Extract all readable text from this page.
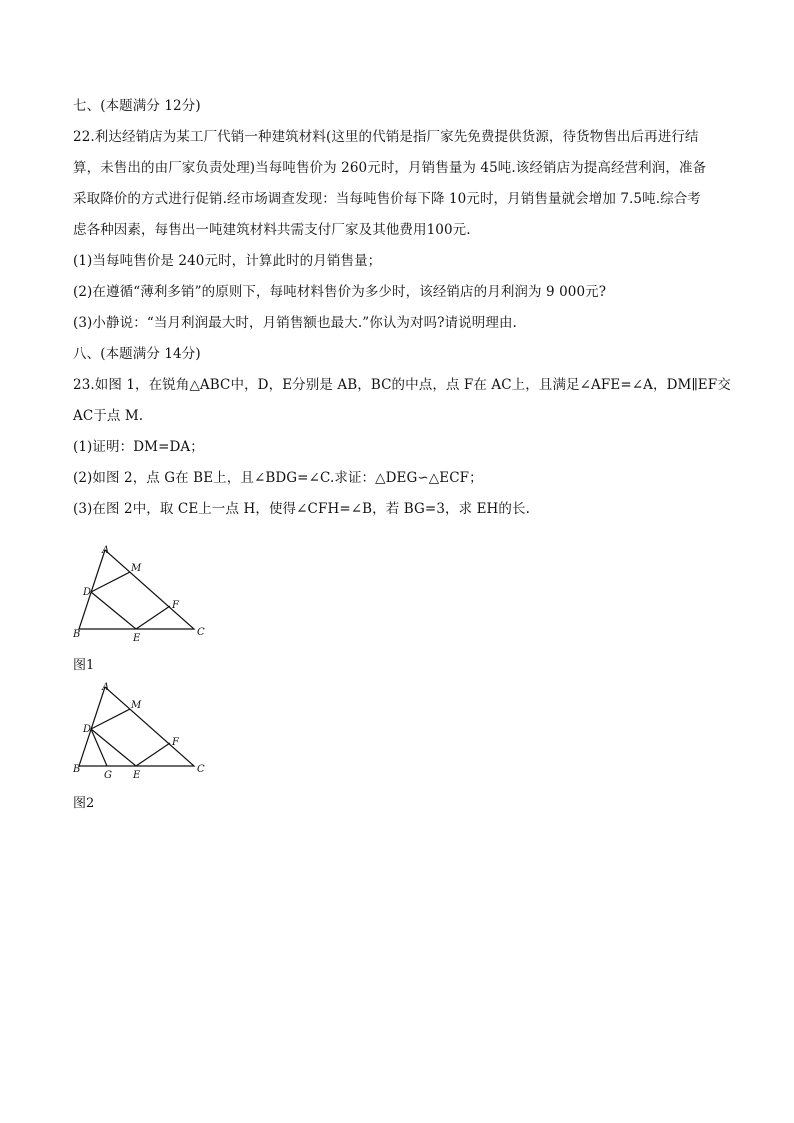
七、(本题满分 12分)
22.利达经销店为某工厂代销一种建筑材料(这里的代销是指厂家先免费提供货源，待货物售出后再进行结
算，未售出的由厂家负责处理)当每吨售价为 260元时，月销售量为 45吨.该经销店为提高经营利润，准备
采取降价的方式进行促销.经市场调查发现：当每吨售价每下降 10元时，月销售量就会增加 7.5吨.综合考
虑各种因素，每售出一吨建筑材料共需支付厂家及其他费用100元.
(1)当每吨售价是 240元时，计算此时的月销售量；
(2)在遵循“薄利多销”的原则下，每吨材料售价为多少时，该经销店的月利润为 9 000元?
(3)小静说：“当月利润最大时，月销售额也最大.”你认为对吗?请说明理由.
八、(本题满分 14分)
23.如图 1，在锐角△ABC中，D，E分别是 AB，BC的中点，点 F在 AC上，且满足∠AFE=∠A，DM∥EF交
AC于点 M.
(1)证明：DM=DA；
(2)如图 2，点 G在 BE上，且∠BDG=∠C.求证：△DEG∽△ECF；
(3)在图 2中，取 CE上一点 H，使得∠CFH=∠B，若 BG=3，求 EH的长.
A
M
D
F
B	E
C
图1
A
M
D
F
B
G E
C
图2
